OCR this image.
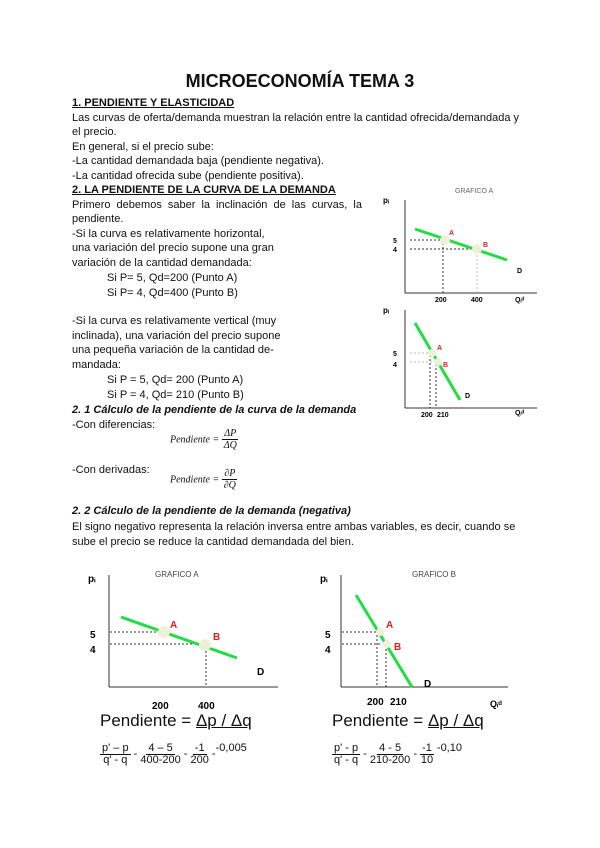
MICROECONOMÍA TEMA 3
1. PENDIENTE Y ELASTICIDAD
Las curvas de oferta/demanda muestran la relación entre la cantidad ofrecida/demandada y
el precio.
En general, si el precio sube:
-La cantidad demandada baja (pendiente negativa).
-La cantidad ofrecida sube (pendiente positiva).
2. LA PENDIENTE DE LA CURVA DE LA DEMANDA
Primero debemos saber la inclinación de las curvas, la
pendiente.
-Si la curva es relativamente horizontal,
una variación del precio supone una gran
variación de la cantidad demandada:
Si P= 5, Qd=200 (Punto A)
Si P= 4, Qd=400 (Punto B)
-Si la curva es relativamente vertical (muy
inclinada), una variación del precio supone
una pequeña variación de la cantidad de-
mandada:
Si P = 5, Qd= 200 (Punto A)
Si P = 4, Qd= 210 (Punto B)
2. 1 Cálculo de la pendiente de la curva de la demanda
-Con diferencias:
Pendiente = $\frac{\Delta P}{\Delta Q}$
-Con derivadas:
Pendiente = $\frac{\partial P}{\partial Q}$
2. 2 Cálculo de la pendiente de la demanda (negativa)
El signo negativo representa la relación inversa entre ambas variables, es decir, cuando se
sube el precio se reduce la cantidad demandada del bien.
GRAFICO A
pᵢ
A
B
5
4
200	400
D
Qᵢᵈ
pᵢ
A
B
5
4
200 210
D
Qᵢᵈ
GRAFICO A
pᵢ
A
B
5
4
200	400
D
GRAFICO B
pᵢ
A
B
5
4
200 210
D
Qᵢᵈ
Pendiente = Δp / Δq
$\frac{p' - p}{q' - q} - \frac{4 - 5}{400-200} - \frac{-1}{200} --0,005$
Pendiente = Δp / Δq
$\frac{p' - p}{q' - q} - \frac{4 - 5}{210-200} - \frac{-1}{10} -0,10$
